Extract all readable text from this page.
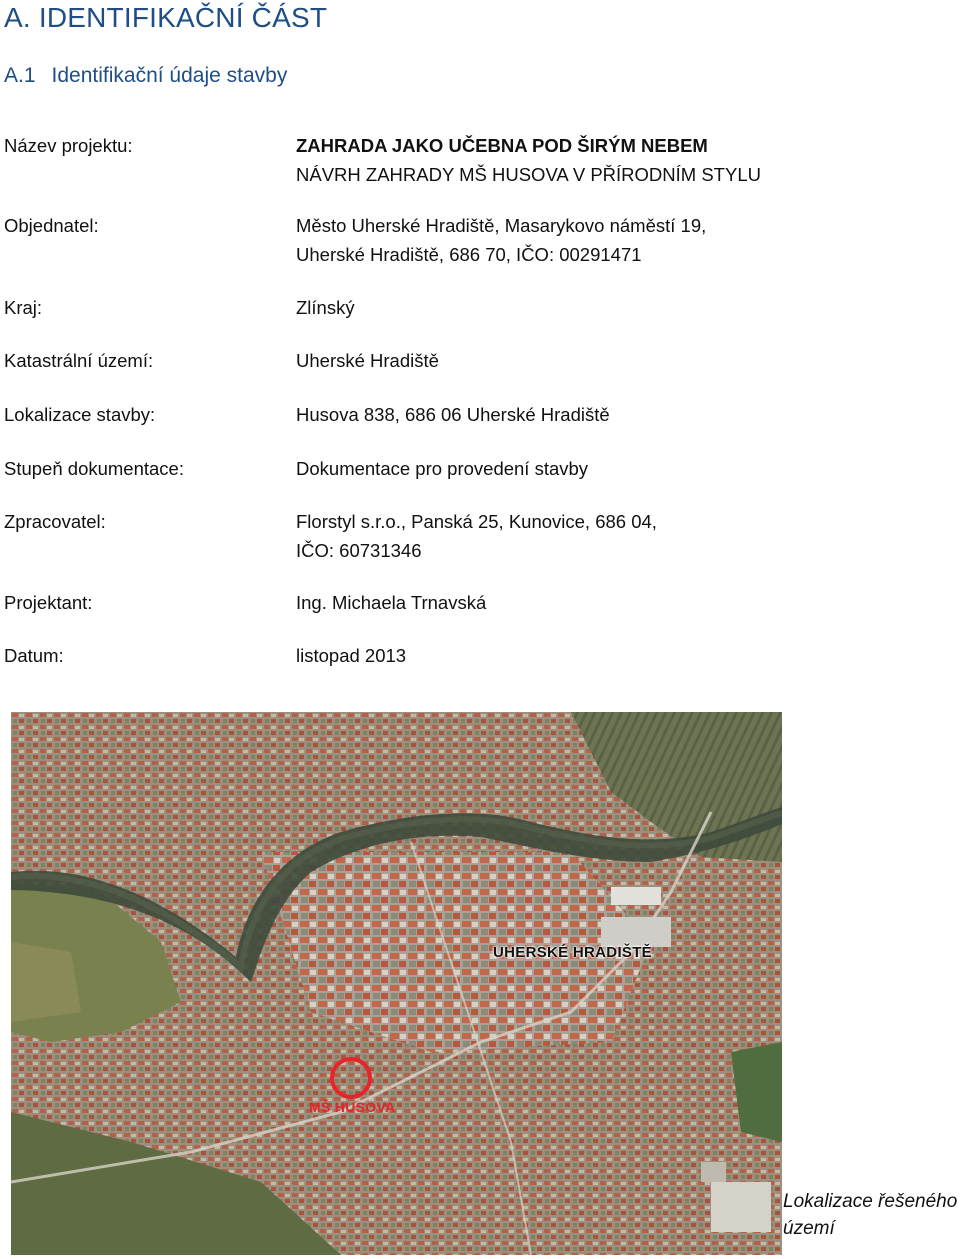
A. IDENTIFIKAČNÍ ČÁST
A.1 Identifikační údaje stavby
Název projektu:	ZAHRADA JAKO UČEBNA POD ŠIRÝM NEBEM
NÁVRH ZAHRADY MŠ HUSOVA V PŘÍRODNÍM STYLU
Objednatel:	Město Uherské Hradiště, Masarykovo náměstí 19,
Uherské Hradiště, 686 70, IČO: 00291471
Kraj:	Zlínský
Katastrální území:	Uherské Hradiště
Lokalizace stavby:	Husova 838, 686 06 Uherské Hradiště
Stupeň dokumentace:	Dokumentace pro provedení stavby
Zpracovatel:	Florstyl s.r.o., Panská 25, Kunovice, 686 04,
IČO: 60731346
Projektant:	Ing. Michaela Trnavská
Datum:	listopad 2013
UHERSKÉ HRADIŠTĚ
MŠ HUSOVA
Lokalizace řešeného
území
